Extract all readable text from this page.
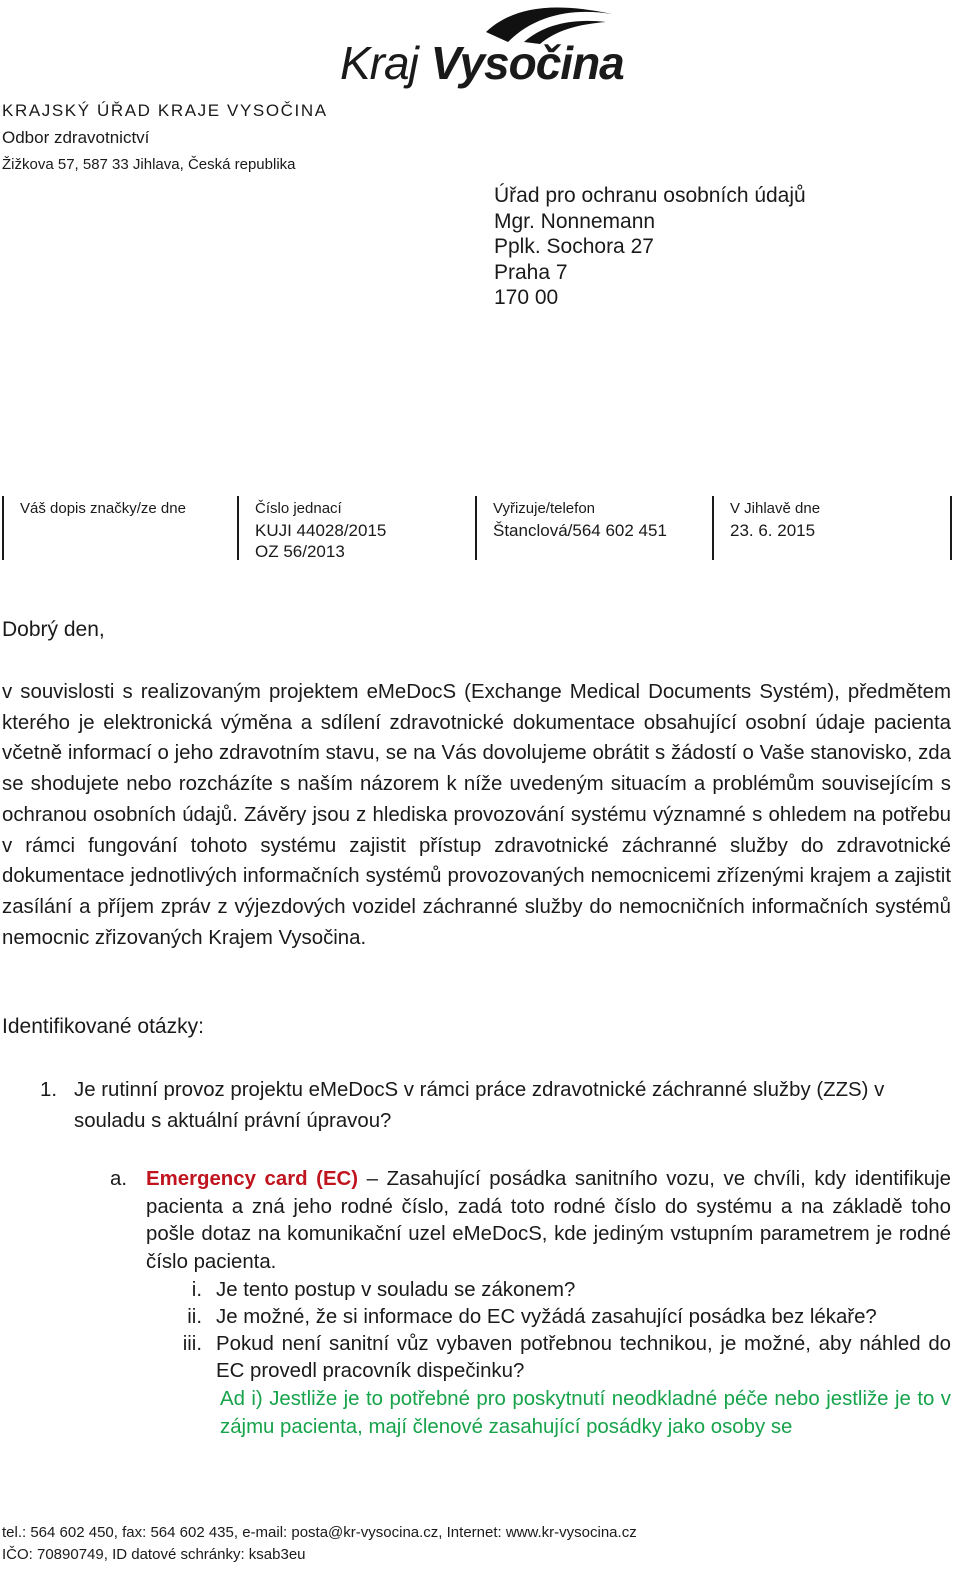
Kraj Vysočina
KRAJSKÝ ÚŘAD KRAJE VYSOČINA
Odbor zdravotnictví
Žižkova 57, 587 33 Jihlava, Česká republika
Úřad pro ochranu osobních údajů
Mgr. Nonnemann
Pplk. Sochora 27
Praha 7
170 00
Váš dopis značky/ze dne	Číslo jednací
KUJI 44028/2015
OZ 56/2013
Vyřizuje/telefon
Štanclová/564 602 451
V Jihlavě dne
23. 6. 2015
Dobrý den,
v souvislosti s realizovaným projektem eMeDocS (Exchange Medical Documents Systém), předmětem kterého je elektronická výměna a sdílení zdravotnické dokumentace obsahující osobní údaje pacienta včetně informací o jeho zdravotním stavu, se na Vás dovolujeme obrátit s žádostí o Vaše stanovisko, zda se shodujete nebo rozcházíte s naším názorem k níže uvedeným situacím a problémům souvisejícím s ochranou osobních údajů. Závěry jsou z hlediska provozování systému významné s ohledem na potřebu v rámci fungování tohoto systému zajistit přístup zdravotnické záchranné služby do zdravotnické dokumentace jednotlivých informačních systémů provozovaných nemocnicemi zřízenými krajem a zajistit zasílání a příjem zpráv z výjezdových vozidel záchranné služby do nemocničních informačních systémů nemocnic zřizovaných Krajem Vysočina.
Identifikované otázky:
1. Je rutinní provoz projektu eMeDocS v rámci práce zdravotnické záchranné služby (ZZS) v souladu s aktuální právní úpravou?
a. Emergency card (EC) – Zasahující posádka sanitního vozu, ve chvíli, kdy identifikuje pacienta a zná jeho rodné číslo, zadá toto rodné číslo do systému a na základě toho pošle dotaz na komunikační uzel eMeDocS, kde jediným vstupním parametrem je rodné číslo pacienta.
i. Je tento postup v souladu se zákonem?
ii. Je možné, že si informace do EC vyžádá zasahující posádka bez lékaře?
iii. Pokud není sanitní vůz vybaven potřebnou technikou, je možné, aby náhled do EC provedl pracovník dispečinku?
Ad i) Jestliže je to potřebné pro poskytnutí neodkladné péče nebo jestliže je to v zájmu pacienta, mají členové zasahující posádky jako osoby se
tel.: 564 602 450, fax: 564 602 435, e-mail: posta@kr-vysocina.cz, Internet: www.kr-vysocina.cz
IČO: 70890749, ID datové schránky: ksab3eu
